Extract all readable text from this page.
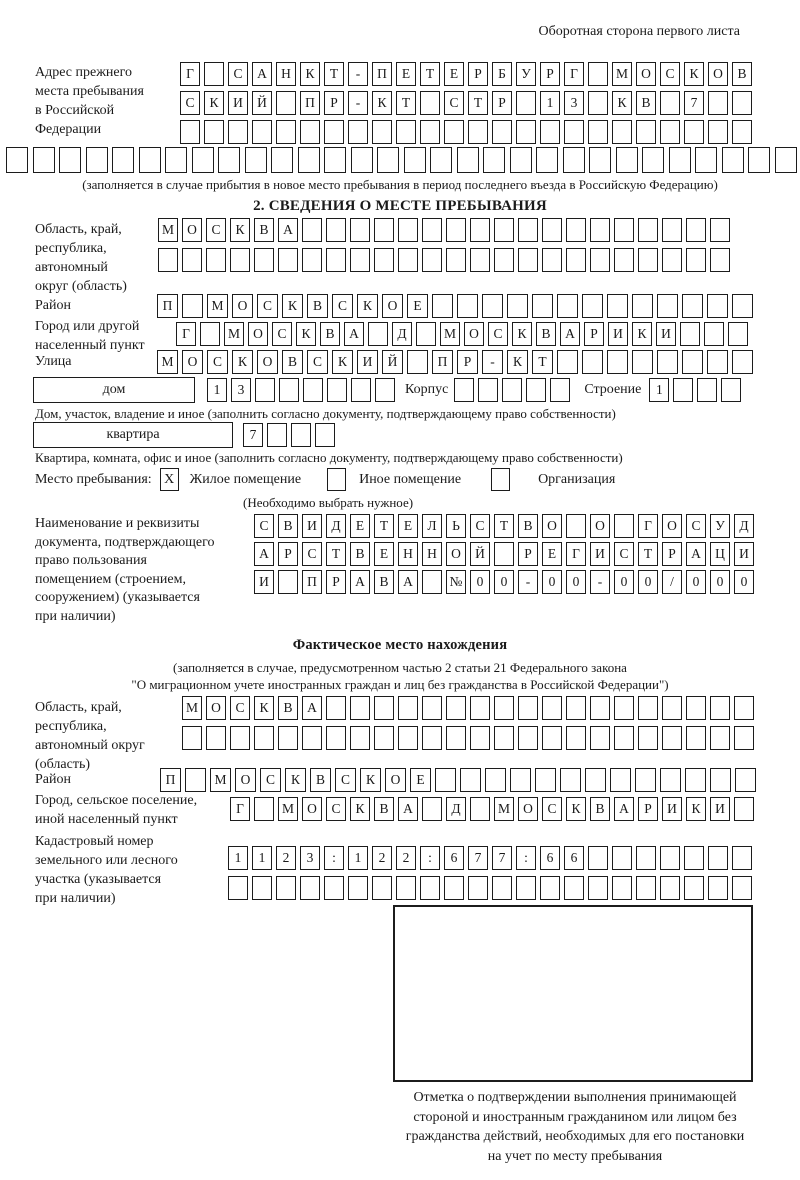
Оборотная сторона первого листа
Адрес прежнего
места пребывания
в Российской
Федерации
Г	С	А	Н	К	Т	-	П	Е	Т	Е	Р	Б	У	Р	Г	М О	С	К	О	В
С	К	И	Й	П	Р	-	К	Т	С	Т	Р	1	3	К	В	7
(заполняется в случае прибытия в новое место пребывания в период последнего въезда в Российскую Федерацию)
2. СВЕДЕНИЯ О МЕСТЕ ПРЕБЫВАНИЯ
Область, край,
республика,
автономный
округ (область)
М О	С	К	В	А
Район	П	М	О	С	К	В	С	К	О	Е
Город или другой
населенный пункт
Г	М О	С	К	В	А	Д	М О	С	К	В	А	Р	И	К	И
Улица	М	О	С	К	О	В	С	К	И	Й	П	Р	-	К	Т
дом	1	3	Корпус	Строение	1
Дом, участок, владение и иное (заполнить согласно документу, подтверждающему право собственности)
квартира	7
Квартира, комната, офис и иное (заполнить согласно документу, подтверждающему право собственности)
Место пребывания: X	Жилое помещение	Иное помещение	Организация
(Необходимо выбрать нужное)
Наименование и реквизиты
документа, подтверждающего
право пользования
помещением (строением,
сооружением) (указывается
при наличии)
С	В	И	Д	Е	Т	Е	Л	Ь	С	Т	В	О	О	Г	О	С	У	Д
А	Р	С	Т	В	Е	Н	Н	О	Й	Р	Е	Г	И	С	Т	Р	А	Ц	И
И	П	Р	А	В	А	№	0	0	-	0	0	-	0	0	/	0	0	0
Фактическое место нахождения
(заполняется в случае, предусмотренном частью 2 статьи 21 Федерального закона
"О миграционном учете иностранных граждан и лиц без гражданства в Российской Федерации")
Область, край,
республика,
автономный округ
(область)
М О	С	К	В	А
Район	П	М	О	С	К	В	С	К	О	Е
Город, сельское поселение,
иной населенный пункт
Г	М О	С	К	В	А	Д	М О	С	К	В	А	Р	И	К	И
Кадастровый номер
земельного или лесного
участка (указывается
при наличии)
1	1	2	3	:	1	2	2	:	6	7	7	:	6	6
Отметка о подтверждении выполнения принимающей
стороной и иностранным гражданином или лицом без
гражданства действий, необходимых для его постановки
на учет по месту пребывания
